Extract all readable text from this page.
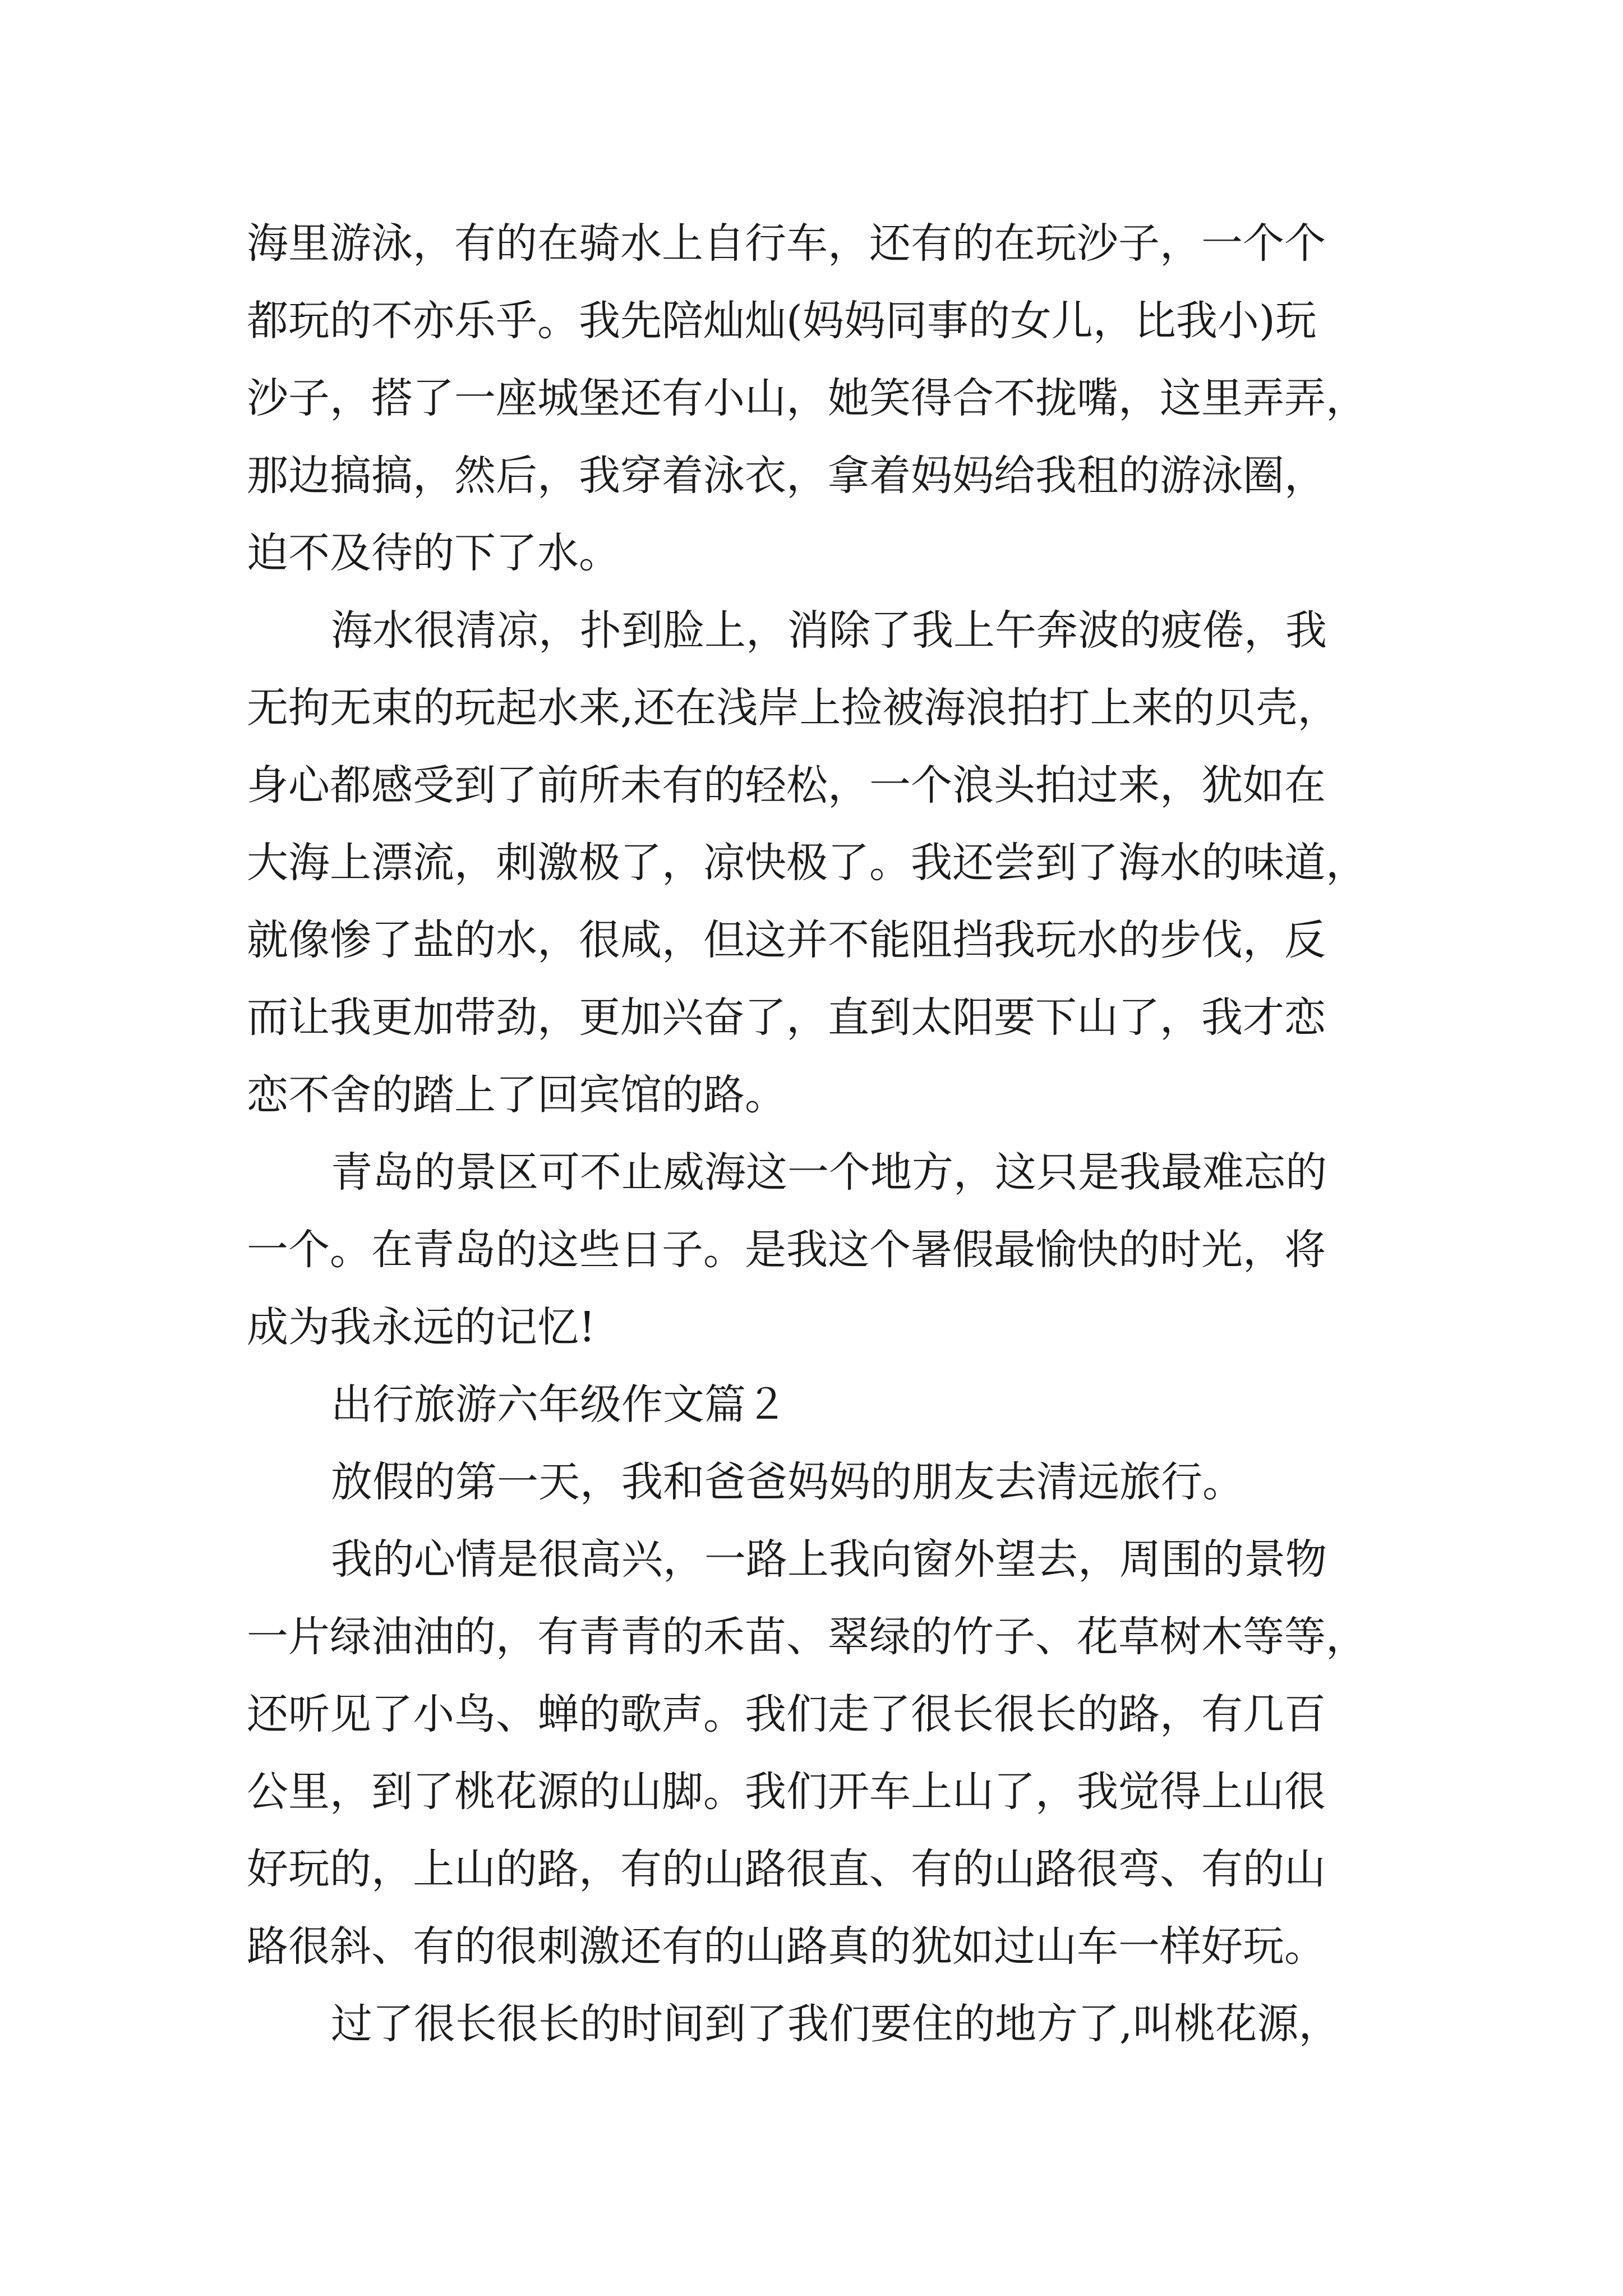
海里游泳，有的在骑水上自行车，还有的在玩沙子，一个个
都玩的不亦乐乎。我先陪灿灿(妈妈同事的女儿，比我小)玩
沙子，搭了一座城堡还有小山，她笑得合不拢嘴，这里弄弄，
那边搞搞，然后，我穿着泳衣，拿着妈妈给我租的游泳圈，
迫不及待的下了水。
海水很清凉，扑到脸上，消除了我上午奔波的疲倦，我
无拘无束的玩起水来,还在浅岸上捡被海浪拍打上来的贝壳，
身心都感受到了前所未有的轻松，一个浪头拍过来，犹如在
大海上漂流，刺激极了，凉快极了。我还尝到了海水的味道，
就像惨了盐的水，很咸，但这并不能阻挡我玩水的步伐，反
而让我更加带劲，更加兴奋了，直到太阳要下山了，我才恋
恋不舍的踏上了回宾馆的路。
青岛的景区可不止威海这一个地方，这只是我最难忘的
一个。在青岛的这些日子。是我这个暑假最愉快的时光，将
成为我永远的记忆!
出行旅游六年级作文篇２
放假的第一天，我和爸爸妈妈的朋友去清远旅行。
我的心情是很高兴，一路上我向窗外望去，周围的景物
一片绿油油的，有青青的禾苗、翠绿的竹子、花草树木等等，
还听见了小鸟、蝉的歌声。我们走了很长很长的路，有几百
公里，到了桃花源的山脚。我们开车上山了，我觉得上山很
好玩的，上山的路，有的山路很直、有的山路很弯、有的山
路很斜、有的很刺激还有的山路真的犹如过山车一样好玩。
过了很长很长的时间到了我们要住的地方了,叫桃花源，
